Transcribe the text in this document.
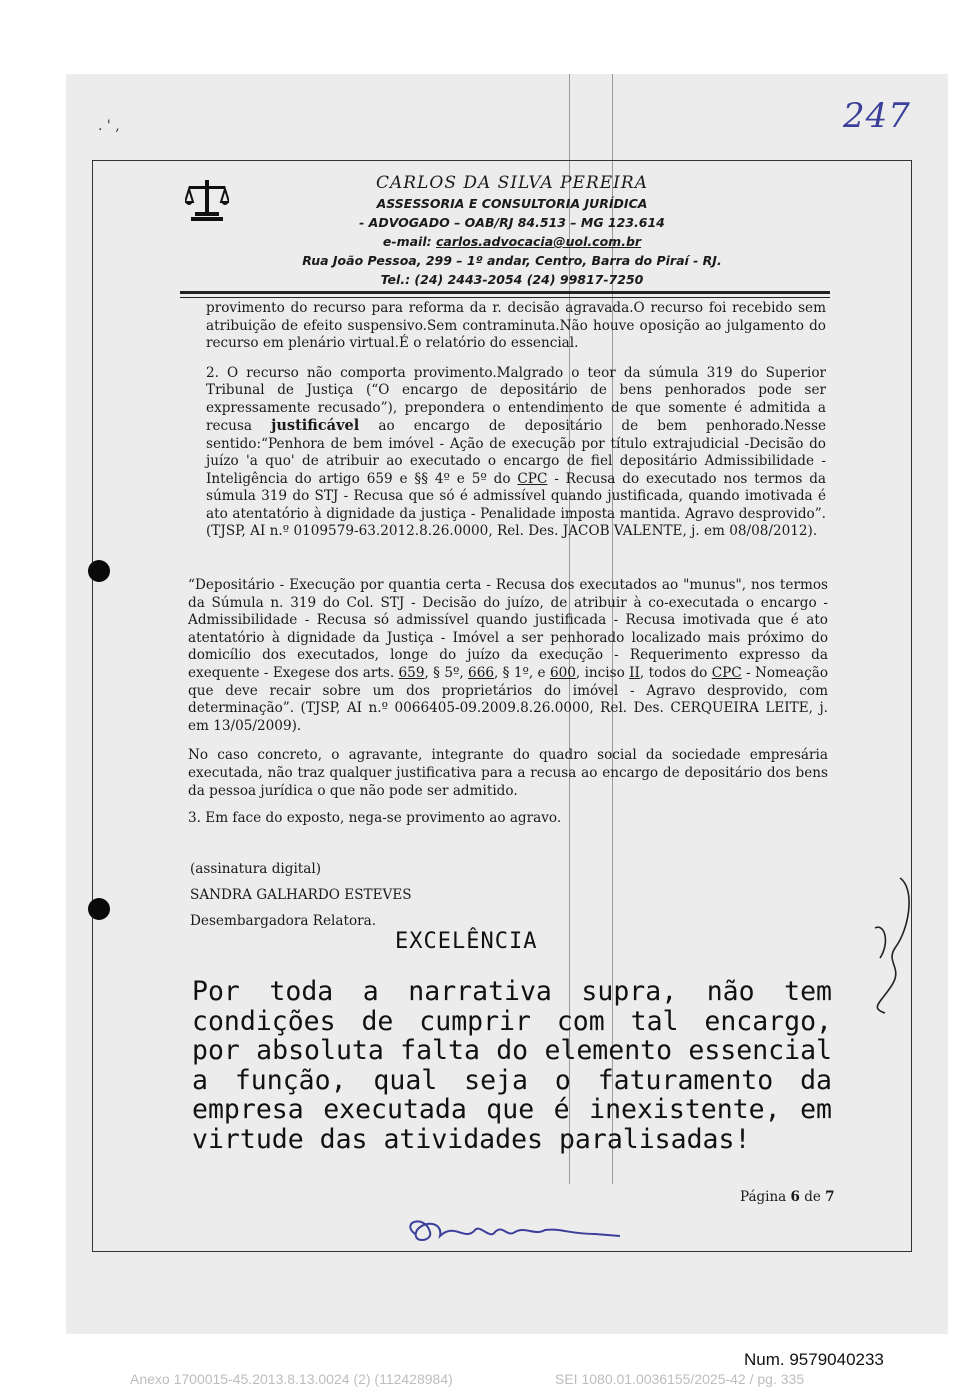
247
. ' ,
CARLOS DA SILVA PEREIRA
ASSESSORIA E CONSULTORIA JURÍDICA
- ADVOGADO – OAB/RJ 84.513 – MG 123.614
e-mail: carlos.advocacia@uol.com.br
Rua João Pessoa, 299 – 1º andar, Centro, Barra do Piraí - RJ.
Tel.: (24) 2443-2054 (24) 99817-7250

provimento do recurso para reforma da r. decisão agravada.O recurso foi recebido sem atribuição de efeito suspensivo.Sem contraminuta.Não houve oposição ao julgamento do recurso em plenário virtual.É o relatório do essencial.

2. O recurso não comporta provimento.Malgrado o teor da súmula 319 do Superior Tribunal de Justiça (“O encargo de depositário de bens penhorados pode ser expressamente recusado”), prepondera o entendimento de que somente é admitida a recusa justificável ao encargo de depositário de bem penhorado.Nesse sentido:“Penhora de bem imóvel - Ação de execução por título extrajudicial -Decisão do juízo 'a quo' de atribuir ao executado o encargo de fiel depositário Admissibilidade - Inteligência do artigo 659 e §§ 4º e 5º do CPC - Recusa do executado nos termos da súmula 319 do STJ - Recusa que só é admissível quando justificada, quando imotivada é ato atentatório à dignidade da justiça - Penalidade imposta mantida. Agravo desprovido”. (TJSP, AI n.º 0109579-63.2012.8.26.0000, Rel. Des. JACOB VALENTE, j. em 08/08/2012).

“Depositário - Execução por quantia certa - Recusa dos executados ao "munus", nos termos da Súmula n. 319 do Col. STJ - Decisão do juízo, de atribuir à co-executada o encargo - Admissibilidade - Recusa só admissível quando justificada - Recusa imotivada que é ato atentatório à dignidade da Justiça - Imóvel a ser penhorado localizado mais próximo do domicílio dos executados, longe do juízo da execução - Requerimento expresso da exequente - Exegese dos arts. 659, § 5º, 666, § 1º, e 600, inciso II, todos do CPC - Nomeação que deve recair sobre um dos proprietários do imóvel - Agravo desprovido, com determinação”. (TJSP, AI n.º 0066405-09.2009.8.26.0000, Rel. Des. CERQUEIRA LEITE, j. em 13/05/2009).

No caso concreto, o agravante, integrante do quadro social da sociedade empresária executada, não traz qualquer justificativa para a recusa ao encargo de depositário dos bens da pessoa jurídica o que não pode ser admitido.

3. Em face do exposto, nega-se provimento ao agravo.

(assinatura digital)
SANDRA GALHARDO ESTEVES
Desembargadora Relatora.
EXCELÊNCIA
Por toda a narrativa supra, não tem condições de cumprir com tal encargo, por absoluta falta do elemento essencial a função, qual seja o faturamento da empresa executada que é inexistente, em virtude das atividades paralisadas!
Página 6 de 7
Num. 9579040233
Anexo 1700015-45.2013.8.13.0024 (2) (112428984)	SEI 1080.01.0036155/2025-42 / pg. 335
